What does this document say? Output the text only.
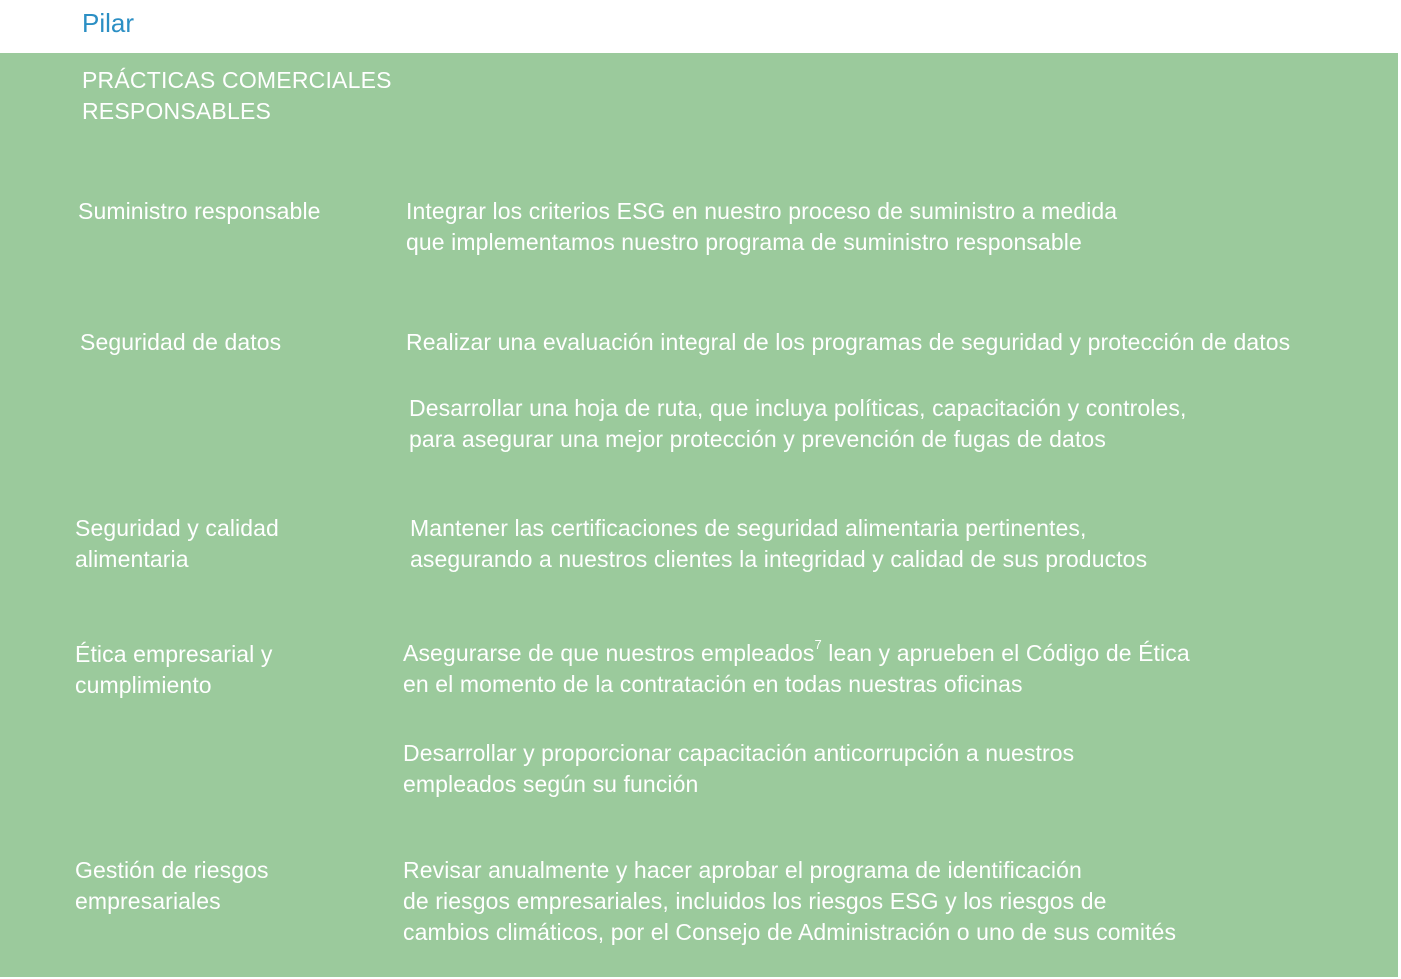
Pilar
PRÁCTICAS COMERCIALES
RESPONSABLES
Suministro responsable	Integrar los criterios ESG en nuestro proceso de suministro a medida
que implementamos nuestro programa de suministro responsable
Seguridad de datos	Realizar una evaluación integral de los programas de seguridad y protección de datos
Desarrollar una hoja de ruta, que incluya políticas, capacitación y controles,
para asegurar una mejor protección y prevención de fugas de datos
Seguridad y calidad
alimentaria
Mantener las certificaciones de seguridad alimentaria pertinentes,
asegurando a nuestros clientes la integridad y calidad de sus productos
Ética empresarial y
cumplimiento
Asegurarse de que nuestros empleados$^7$ lean y aprueben el Código de Ética
en el momento de la contratación en todas nuestras oficinas
Desarrollar y proporcionar capacitación anticorrupción a nuestros
empleados según su función
Gestión de riesgos
empresariales
Revisar anualmente y hacer aprobar el programa de identificación
de riesgos empresariales, incluidos los riesgos ESG y los riesgos de
cambios climáticos, por el Consejo de Administración o uno de sus comités
